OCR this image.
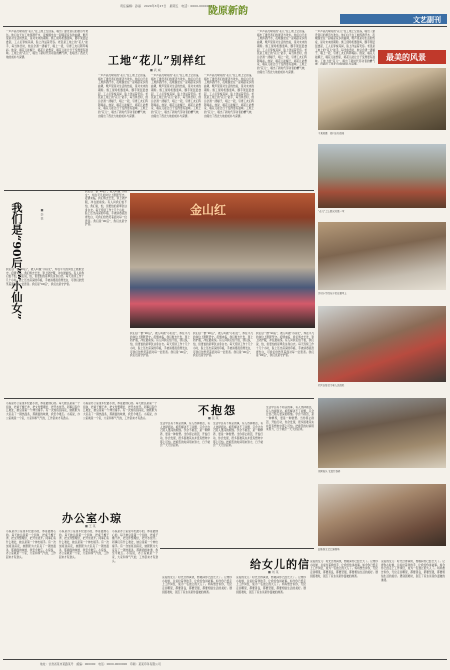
责任编辑：孙丽　2020年3月27日　星期五　电话：0000-0000000
陇原新韵
文艺副刊
一声声高亢嘹亮的“花儿”在工地上空回荡，唱出了建设者们的豪迈与欢乐。他们白天在工地挥洒汗水，夜晚围坐在一起唱起家乡的曲调，歌声里是对生活的热爱，是对未来的期盼。施工现场机器轰鸣，脚手架层层叠起，工人们穿梭其间，脸上洋溢着笑容。老张是工地上的“花儿”能手，每当休息时，他总会清一清嗓子，唱上一段，引得工友们阵阵喝彩。他说，唱花儿能解乏，唱花儿能想家，唱花儿能让日子变得更有滋味。工地上的“花儿”，唱出了新时代劳动者的精气神，也唱出了西北大地的质朴与深情。	工地“花儿”别样红
■ 武 威
一声声高亢嘹亮的“花儿”在工地上空回荡，唱出了建设者们的豪迈与欢乐。他们白天在工地挥洒汗水，夜晚围坐在一起唱起家乡的曲调，歌声里是对生活的热爱，是对未来的期盼。施工现场机器轰鸣，脚手架层层叠起，工人们穿梭其间，脸上洋溢着笑容。老张是工地上的“花儿”能手，每当休息时，他总会清一清嗓子，唱上一段，引得工友们阵阵喝彩。他说，唱花儿能解乏，唱花儿能想家，唱花儿能让日子变得更有滋味。工地上的“花儿”，唱出了新时代劳动者的精气神，也唱出了西北大地的质朴与深情。
一声声高亢嘹亮的“花儿”在工地上空回荡，唱出了建设者们的豪迈与欢乐。他们白天在工地挥洒汗水，夜晚围坐在一起唱起家乡的曲调，歌声里是对生活的热爱，是对未来的期盼。施工现场机器轰鸣，脚手架层层叠起，工人们穿梭其间，脸上洋溢着笑容。老张是工地上的“花儿”能手，每当休息时，他总会清一清嗓子，唱上一段，引得工友们阵阵喝彩。他说，唱花儿能解乏，唱花儿能想家，唱花儿能让日子变得更有滋味。工地上的“花儿”，唱出了新时代劳动者的精气神，也唱出了西北大地的质朴与深情。
一声声高亢嘹亮的“花儿”在工地上空回荡，唱出了建设者们的豪迈与欢乐。他们白天在工地挥洒汗水，夜晚围坐在一起唱起家乡的曲调，歌声里是对生活的热爱，是对未来的期盼。施工现场机器轰鸣，脚手架层层叠起，工人们穿梭其间，脸上洋溢着笑容。老张是工地上的“花儿”能手，每当休息时，他总会清一清嗓子，唱上一段，引得工友们阵阵喝彩。他说，唱花儿能解乏，唱花儿能想家，唱花儿能让日子变得更有滋味。工地上的“花儿”，唱出了新时代劳动者的精气神，也唱出了西北大地的质朴与深情。
一声声高亢嘹亮的“花儿”在工地上空回荡，唱出了建设者们的豪迈与欢乐。他们白天在工地挥洒汗水，夜晚围坐在一起唱起家乡的曲调，歌声里是对生活的热爱，是对未来的期盼。施工现场机器轰鸣，脚手架层层叠起，工人们穿梭其间，脸上洋溢着笑容。老张是工地上的“花儿”能手，每当休息时，他总会清一清嗓子，唱上一段，引得工友们阵阵喝彩。他说，唱花儿能解乏，唱花儿能想家，唱花儿能让日子变得更有滋味。工地上的“花儿”，唱出了新时代劳动者的精气神，也唱出了西北大地的质朴与深情。
一声声高亢嘹亮的“花儿”在工地上空回荡，唱出了建设者们的豪迈与欢乐。他们白天在工地挥洒汗水，夜晚围坐在一起唱起家乡的曲调，歌声里是对生活的热爱，是对未来的期盼。施工现场机器轰鸣，脚手架层层叠起，工人们穿梭其间，脸上洋溢着笑容。老张是工地上的“花儿”能手，每当休息时，他总会清一清嗓子，唱上一段，引得工友们阵阵喝彩。他说，唱花儿能解乏，唱花儿能想家，唱花儿能让日子变得更有滋味。工地上的“花儿”，唱出了新时代劳动者的精气神，也唱出了西北大地的质朴与深情。
最美的风景
王某某摄　春日山村晨景
“花儿”会上群众欢聚一堂
乡村小学的孩子们在课堂上
社区志愿者为老人送温暖
田间地头 农民忙春耕
迎新春文艺汇演现场
我们是“90后”“小仙女”	■ 李 某
我们这一群“90后”，被人叫做“小仙女”，却在平凡的岗位上默默坚守。疫情来临，我们剪去长发，穿上防护服，冲在最前线。有人问我们怕不怕，我们说，怕，但更怕的是辜负这身白衣。每天连续工作十几个小时，脸上压出深深的印痕，手被消毒液泡得发白，可我们依然笑着面对每一位患者。我们是“90后”，我们也是守护者。
金山红
我们这一群“90后”，被人叫做“小仙女”，却在平凡的岗位上默默坚守。疫情来临，我们剪去长发，穿上防护服，冲在最前线。有人问我们怕不怕，我们说，怕，但更怕的是辜负这身白衣。每天连续工作十几个小时，脸上压出深深的印痕，手被消毒液泡得发白，可我们依然笑着面对每一位患者。我们是“90后”，我们也是守护者。
我们这一群“90后”，被人叫做“小仙女”，却在平凡的岗位上默默坚守。疫情来临，我们剪去长发，穿上防护服，冲在最前线。有人问我们怕不怕，我们说，怕，但更怕的是辜负这身白衣。每天连续工作十几个小时，脸上压出深深的印痕，手被消毒液泡得发白，可我们依然笑着面对每一位患者。我们是“90后”，我们也是守护者。
我们这一群“90后”，被人叫做“小仙女”，却在平凡的岗位上默默坚守。疫情来临，我们剪去长发，穿上防护服，冲在最前线。有人问我们怕不怕，我们说，怕，但更怕的是辜负这身白衣。每天连续工作十几个小时，脸上压出深深的印痕，手被消毒液泡得发白，可我们依然笑着面对每一位患者。我们是“90后”，我们也是守护者。
我们这一群“90后”，被人叫做“小仙女”，却在平凡的岗位上默默坚守。疫情来临，我们剪去长发，穿上防护服，冲在最前线。有人问我们怕不怕，我们说，怕，但更怕的是辜负这身白衣。每天连续工作十几个小时，脸上压出深深的印痕，手被消毒液泡得发白，可我们依然笑着面对每一位患者。我们是“90后”，我们也是守护者。
不抱怨
■ 张 某
生活中总有不如意的事，有人选择抱怨，有人选择面对。抱怨解决不了问题，只会让自己陷入更深的烦恼。学会不抱怨，是一种修养，更是一种智慧。当你停止抱怨，开始行动，你会发现，很多困难其实并没有想象中那么可怕。把抱怨的时间用来努力，日子就会一天天好起来。
生活中总有不如意的事，有人选择抱怨，有人选择面对。抱怨解决不了问题，只会让自己陷入更深的烦恼。学会不抱怨，是一种修养，更是一种智慧。当你停止抱怨，开始行动，你会发现，很多困难其实并没有想象中那么可怕。把抱怨的时间用来努力，日子就会一天天好起来。
生活中总有不如意的事，有人选择抱怨，有人选择面对。抱怨解决不了问题，只会让自己陷入更深的烦恼。学会不抱怨，是一种修养，更是一种智慧。当你停止抱怨，开始行动，你会发现，很多困难其实并没有想象中那么可怕。把抱怨的时间用来努力，日子就会一天天好起来。
小琼是办公室里年纪最小的，却是最细心的。每天她总是第一个到岗，把桌子擦干净，把文件整理好，把开水烧开。同事们有什么难处，她总是第一个伸出援手。有一次加班到深夜，她默默为大家煮了一锅热面条，那碗面的味道，我至今难忘。小琼说，办公室就是一个家，大家和和气气的，工作起来才有劲头。
小琼是办公室里年纪最小的，却是最细心的。每天她总是第一个到岗，把桌子擦干净，把文件整理好，把开水烧开。同事们有什么难处，她总是第一个伸出援手。有一次加班到深夜，她默默为大家煮了一锅热面条，那碗面的味道，我至今难忘。小琼说，办公室就是一个家，大家和和气气的，工作起来才有劲头。
办公室小琼
■ 王 某
小琼是办公室里年纪最小的，却是最细心的。每天她总是第一个到岗，把桌子擦干净，把文件整理好，把开水烧开。同事们有什么难处，她总是第一个伸出援手。有一次加班到深夜，她默默为大家煮了一锅热面条，那碗面的味道，我至今难忘。小琼说，办公室就是一个家，大家和和气气的，工作起来才有劲头。
小琼是办公室里年纪最小的，却是最细心的。每天她总是第一个到岗，把桌子擦干净，把文件整理好，把开水烧开。同事们有什么难处，她总是第一个伸出援手。有一次加班到深夜，她默默为大家煮了一锅热面条，那碗面的味道，我至今难忘。小琼说，办公室就是一个家，大家和和气气的，工作起来才有劲头。
小琼是办公室里年纪最小的，却是最细心的。每天她总是第一个到岗，把桌子擦干净，把文件整理好，把开水烧开。同事们有什么难处，她总是第一个伸出援手。有一次加班到深夜，她默默为大家煮了一锅热面条，那碗面的味道，我至今难忘。小琼说，办公室就是一个家，大家和和气气的，工作起来才有劲头。	给女儿的信
■ 刘 某
亲爱的女儿：时光过得真快，转眼间你已经长大了。记得你小时候，总爱拉着我的手，让我给你讲故事。如今你已经走上工作岗位，成为一名独立的大人了。妈妈想告诉你，无论走到哪里，都要善良，都要坚强，都要相信生活的美好。遇到困难时，别忘了家永远是你温暖的港湾。
亲爱的女儿：时光过得真快，转眼间你已经长大了。记得你小时候，总爱拉着我的手，让我给你讲故事。如今你已经走上工作岗位，成为一名独立的大人了。妈妈想告诉你，无论走到哪里，都要善良，都要坚强，都要相信生活的美好。遇到困难时，别忘了家永远是你温暖的港湾。
亲爱的女儿：时光过得真快，转眼间你已经长大了。记得你小时候，总爱拉着我的手，让我给你讲故事。如今你已经走上工作岗位，成为一名独立的大人了。妈妈想告诉你，无论走到哪里，都要善良，都要坚强，都要相信生活的美好。遇到困难时，别忘了家永远是你温暖的港湾。
亲爱的女儿：时光过得真快，转眼间你已经长大了。记得你小时候，总爱拉着我的手，让我给你讲故事。如今你已经走上工作岗位，成为一名独立的大人了。妈妈想告诉你，无论走到哪里，都要善良，都要坚强，都要相信生活的美好。遇到困难时，别忘了家永远是你温暖的港湾。
地址：甘肃省某市某路某号　邮编：000000　电话：0000-0000000　印刷：某某印务有限公司
